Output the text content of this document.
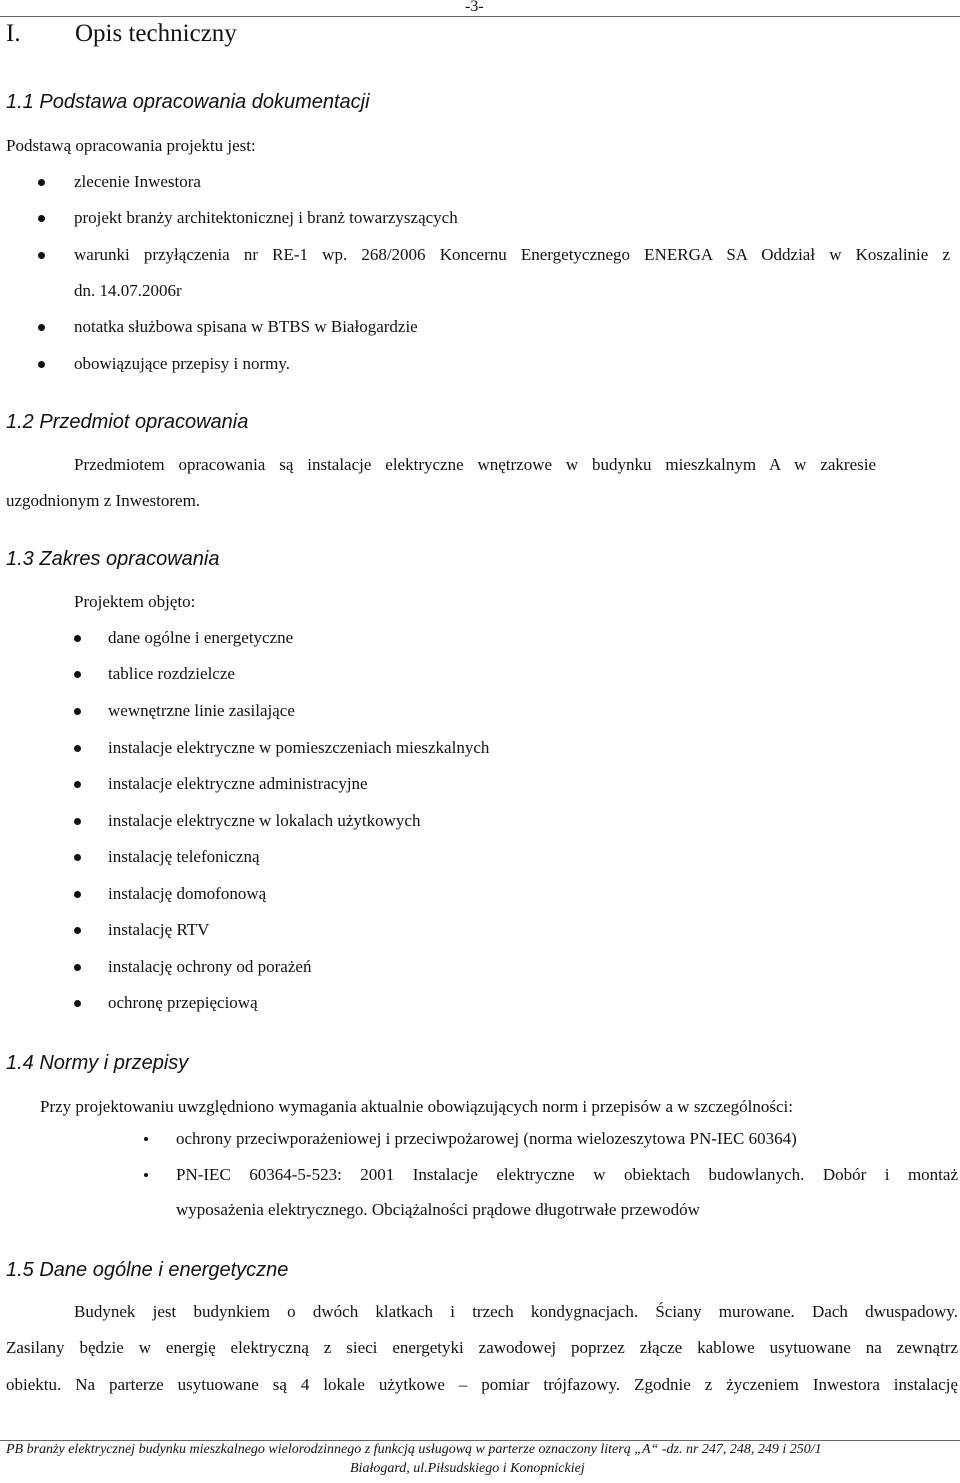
-3-
I. Opis techniczny
1.1 Podstawa opracowania dokumentacji
Podstawą opracowania projektu jest:
zlecenie Inwestora
projekt branży architektonicznej i branż towarzyszących
warunki przyłączenia nr RE-1 wp. 268/2006 Koncernu Energetycznego ENERGA SA Oddział w Koszalinie z
dn. 14.07.2006r
notatka służbowa spisana w BTBS w Białogardzie
obowiązujące przepisy i normy.
1.2 Przedmiot opracowania
Przedmiotem opracowania są instalacje elektryczne wnętrzowe w budynku mieszkalnym A w zakresie
uzgodnionym z Inwestorem.
1.3 Zakres opracowania
Projektem objęto:
dane ogólne i energetyczne
tablice rozdzielcze
wewnętrzne linie zasilające
instalacje elektryczne w pomieszczeniach mieszkalnych
instalacje elektryczne administracyjne
instalacje elektryczne w lokalach użytkowych
instalację telefoniczną
instalację domofonową
instalację RTV
instalację ochrony od porażeń
ochronę przepięciową
1.4 Normy i przepisy
Przy projektowaniu uwzględniono wymagania aktualnie obowiązujących norm i przepisów a w szczególności:
ochrony przeciwporażeniowej i przeciwpożarowej (norma wielozeszytowa PN-IEC 60364)
PN-IEC 60364-5-523: 2001 Instalacje elektryczne w obiektach budowlanych. Dobór i montaż
wyposażenia elektrycznego. Obciążalności prądowe długotrwałe przewodów
1.5 Dane ogólne i energetyczne
Budynek jest budynkiem o dwóch klatkach i trzech kondygnacjach. Ściany murowane. Dach dwuspadowy.
Zasilany będzie w energię elektryczną z sieci energetyki zawodowej poprzez złącze kablowe usytuowane na zewnątrz
obiektu. Na parterze usytuowane są 4 lokale użytkowe – pomiar trójfazowy. Zgodnie z życzeniem Inwestora instalację
PB branży elektrycznej budynku mieszkalnego wielorodzinnego z funkcją usługową w parterze oznaczony literą „A“ -dz. nr 247, 248, 249 i 250/1
Białogard, ul.Piłsudskiego i Konopnickiej
